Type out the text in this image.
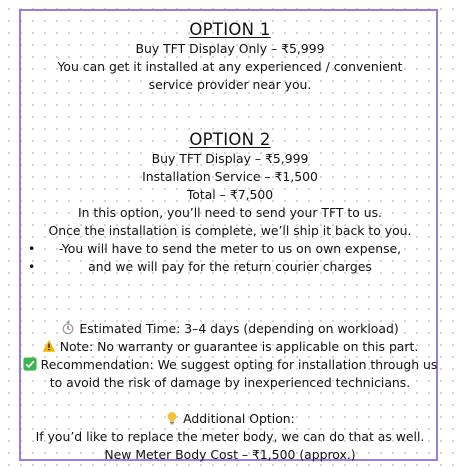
OPTION 1
Buy TFT Display Only – ₹5,999
You can get it installed at any experienced / convenient
service provider near you.
OPTION 2
Buy TFT Display – ₹5,999
Installation Service – ₹1,500
Total – ₹7,500
In this option, you’ll need to send your TFT to us.
Once the installation is complete, we’ll ship it back to you.
• -You will have to send the meter to us on own expense,
•	and we will pay for the return courier charges
Estimated Time: 3–4 days (depending on workload)
Note: No warranty or guarantee is applicable on this part.
Recommendation: We suggest opting for installation through us
to avoid the risk of damage by inexperienced technicians.
Additional Option:
If you’d like to replace the meter body, we can do that as well.
New Meter Body Cost – ₹1,500 (approx.)
